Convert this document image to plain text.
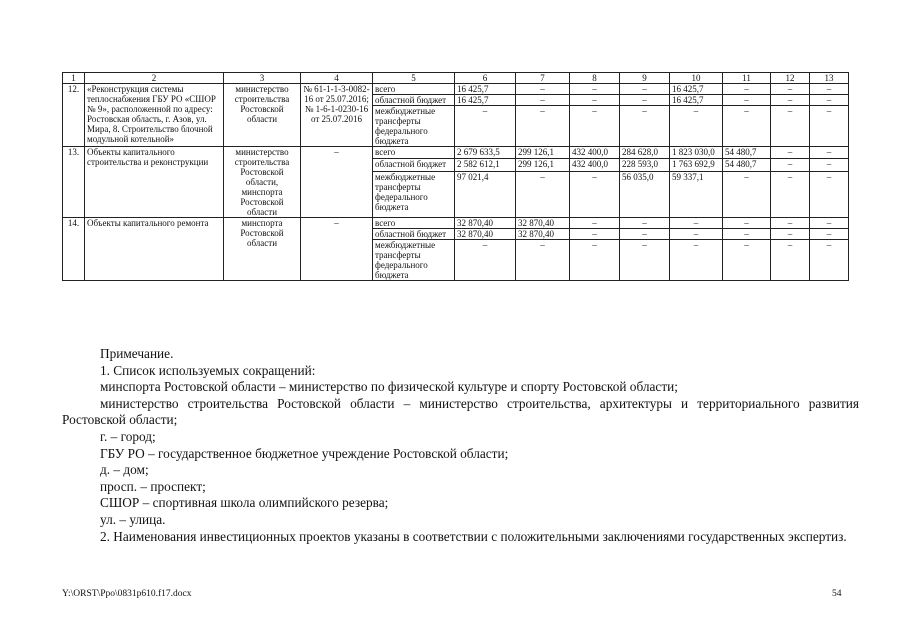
1	2	3	4	5	6	7	8	9	10	11	12	13
12.	«Реконструкция системы теплоснабжения ГБУ РО «СШОР № 9», расположенной по адресу: Ростовская область, г. Азов, ул. Мира, 8. Строительство блочной модульной котельной»	министерство строительства Ростовской области	№ 61-1-1-3-0082-16 от 25.07.2016; № 1-6-1-0230-16 от 25.07.2016	всего	16 425,7	–	–	–	16 425,7	–	–	–
				областной бюджет	16 425,7	–	–	–	16 425,7	–	–	–
				межбюджетные трансферты федерального бюджета	–	–	–	–	–	–	–	–
13.	Объекты капитального строительства и реконструкции	министерство строительства Ростовской области, минспорта Ростовской области	–	всего	2 679 633,5	299 126,1	432 400,0	284 628,0	1 823 030,0	54 480,7	–	–
				областной бюджет	2 582 612,1	299 126,1	432 400,0	228 593,0	1 763 692,9	54 480,7	–	–
				межбюджетные трансферты федерального бюджета	97 021,4	–	–	56 035,0	59 337,1	–	–	–
14.	Объекты капитального ремонта	минспорта Ростовской области	–	всего	32 870,40	32 870,40	–	–	–	–	–	–
				областной бюджет	32 870,40	32 870,40	–	–	–	–	–	–
				межбюджетные трансферты федерального бюджета	–	–	–	–	–	–	–	–

Примечание.

1. Список используемых сокращений:

минспорта Ростовской области – министерство по физической культуре и спорту Ростовской области;

министерство строительства Ростовской области – министерство строительства, архитектуры и территориального развития Ростовской области;

г. – город;

ГБУ РО – государственное бюджетное учреждение Ростовской области;

д. – дом;

просп. – проспект;

СШОР – спортивная школа олимпийского резерва;

ул. – улица.

2. Наименования инвестиционных проектов указаны в соответствии с положительными заключениями государственных экспертиз.

Y:\ORST\Ppo\0831p610.f17.docx	54
